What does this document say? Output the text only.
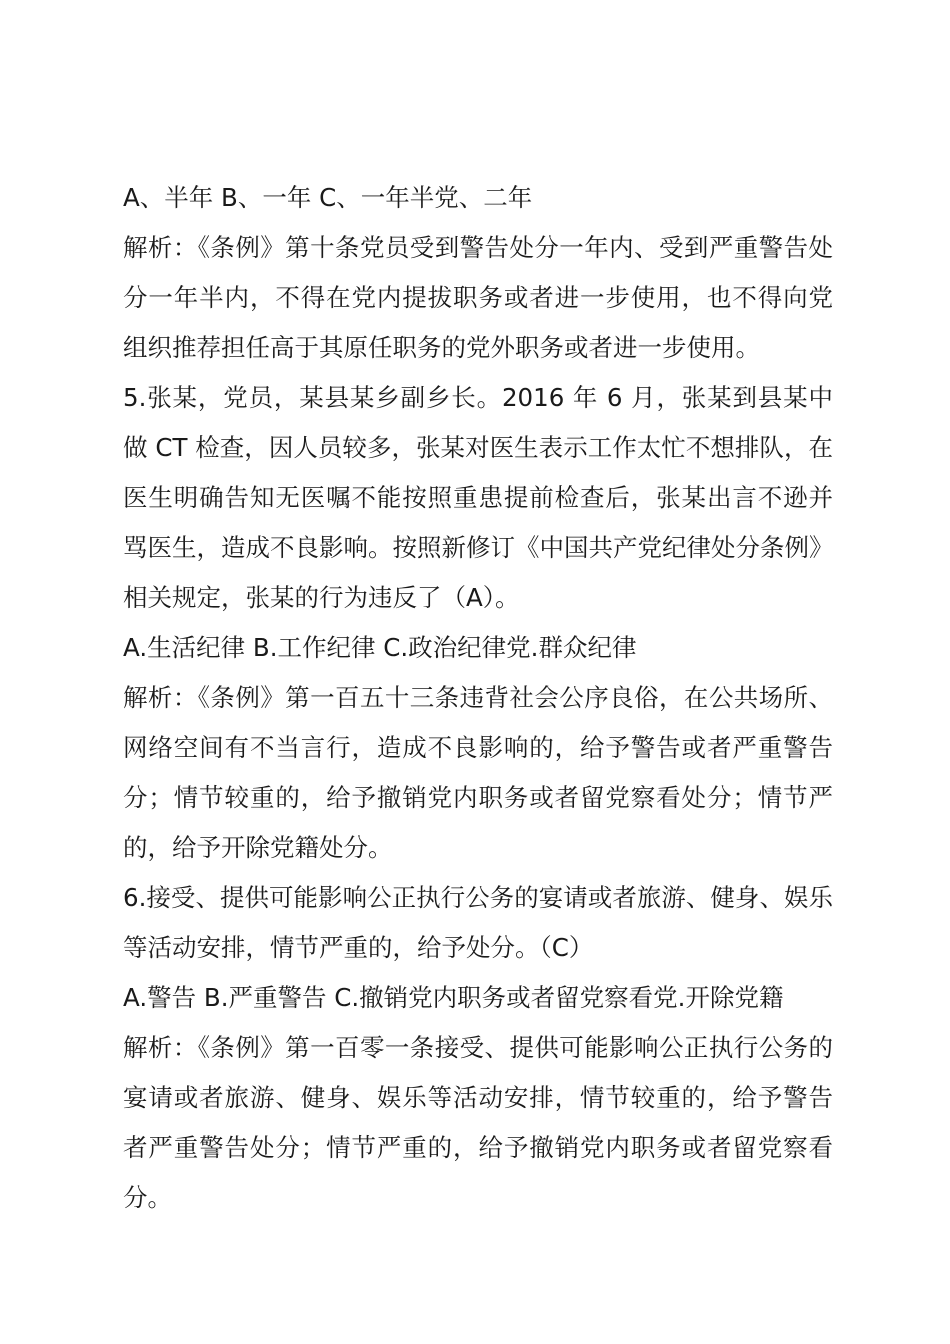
A、半年 B、一年 C、一年半党、二年
解析：《条例》第十条党员受到警告处分一年内、受到严重警告处
分一年半内，不得在党内提拔职务或者进一步使用，也不得向党
组织推荐担任高于其原任职务的党外职务或者进一步使用。
5.张某，党员，某县某乡副乡长。2016 年 6 月，张某到县某中
做 CT 检查，因人员较多，张某对医生表示工作太忙不想排队，在
医生明确告知无医嘱不能按照重患提前检查后，张某出言不逊并
骂医生，造成不良影响。按照新修订《中国共产党纪律处分条例》
相关规定，张某的行为违反了（A）。
A.生活纪律 B.工作纪律 C.政治纪律党.群众纪律
解析：《条例》第一百五十三条违背社会公序良俗，在公共场所、
网络空间有不当言行，造成不良影响的，给予警告或者严重警告
分；情节较重的，给予撤销党内职务或者留党察看处分；情节严
的，给予开除党籍处分。
6.接受、提供可能影响公正执行公务的宴请或者旅游、健身、娱乐
等活动安排，情节严重的，给予处分。（C）
A.警告 B.严重警告 C.撤销党内职务或者留党察看党.开除党籍
解析：《条例》第一百零一条接受、提供可能影响公正执行公务的
宴请或者旅游、健身、娱乐等活动安排，情节较重的，给予警告
者严重警告处分；情节严重的，给予撤销党内职务或者留党察看
分。
